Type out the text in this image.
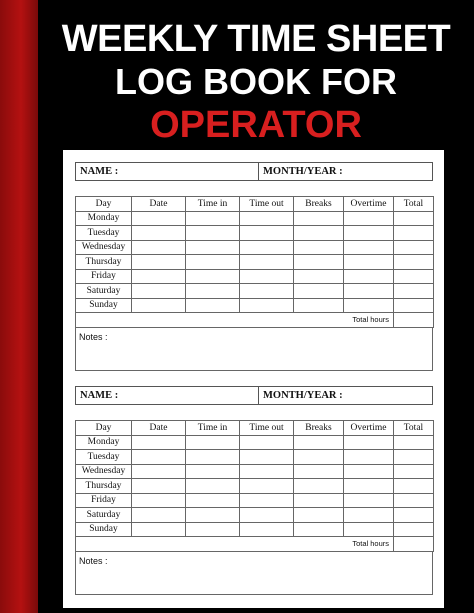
WEEKLY TIME SHEET
LOG BOOK FOR
OPERATOR
NAME :	MONTH/YEAR :
Day	Date	Time in	Time out	Breaks	Overtime	Total
Monday						
Tuesday						
Wednesday						
Thursday						
Friday						
Saturday						
Sunday						
Total hours						
Notes :
NAME :	MONTH/YEAR :
Day	Date	Time in	Time out	Breaks	Overtime	Total
Monday						
Tuesday						
Wednesday						
Thursday						
Friday						
Saturday						
Sunday						
Total hours						
Notes :
